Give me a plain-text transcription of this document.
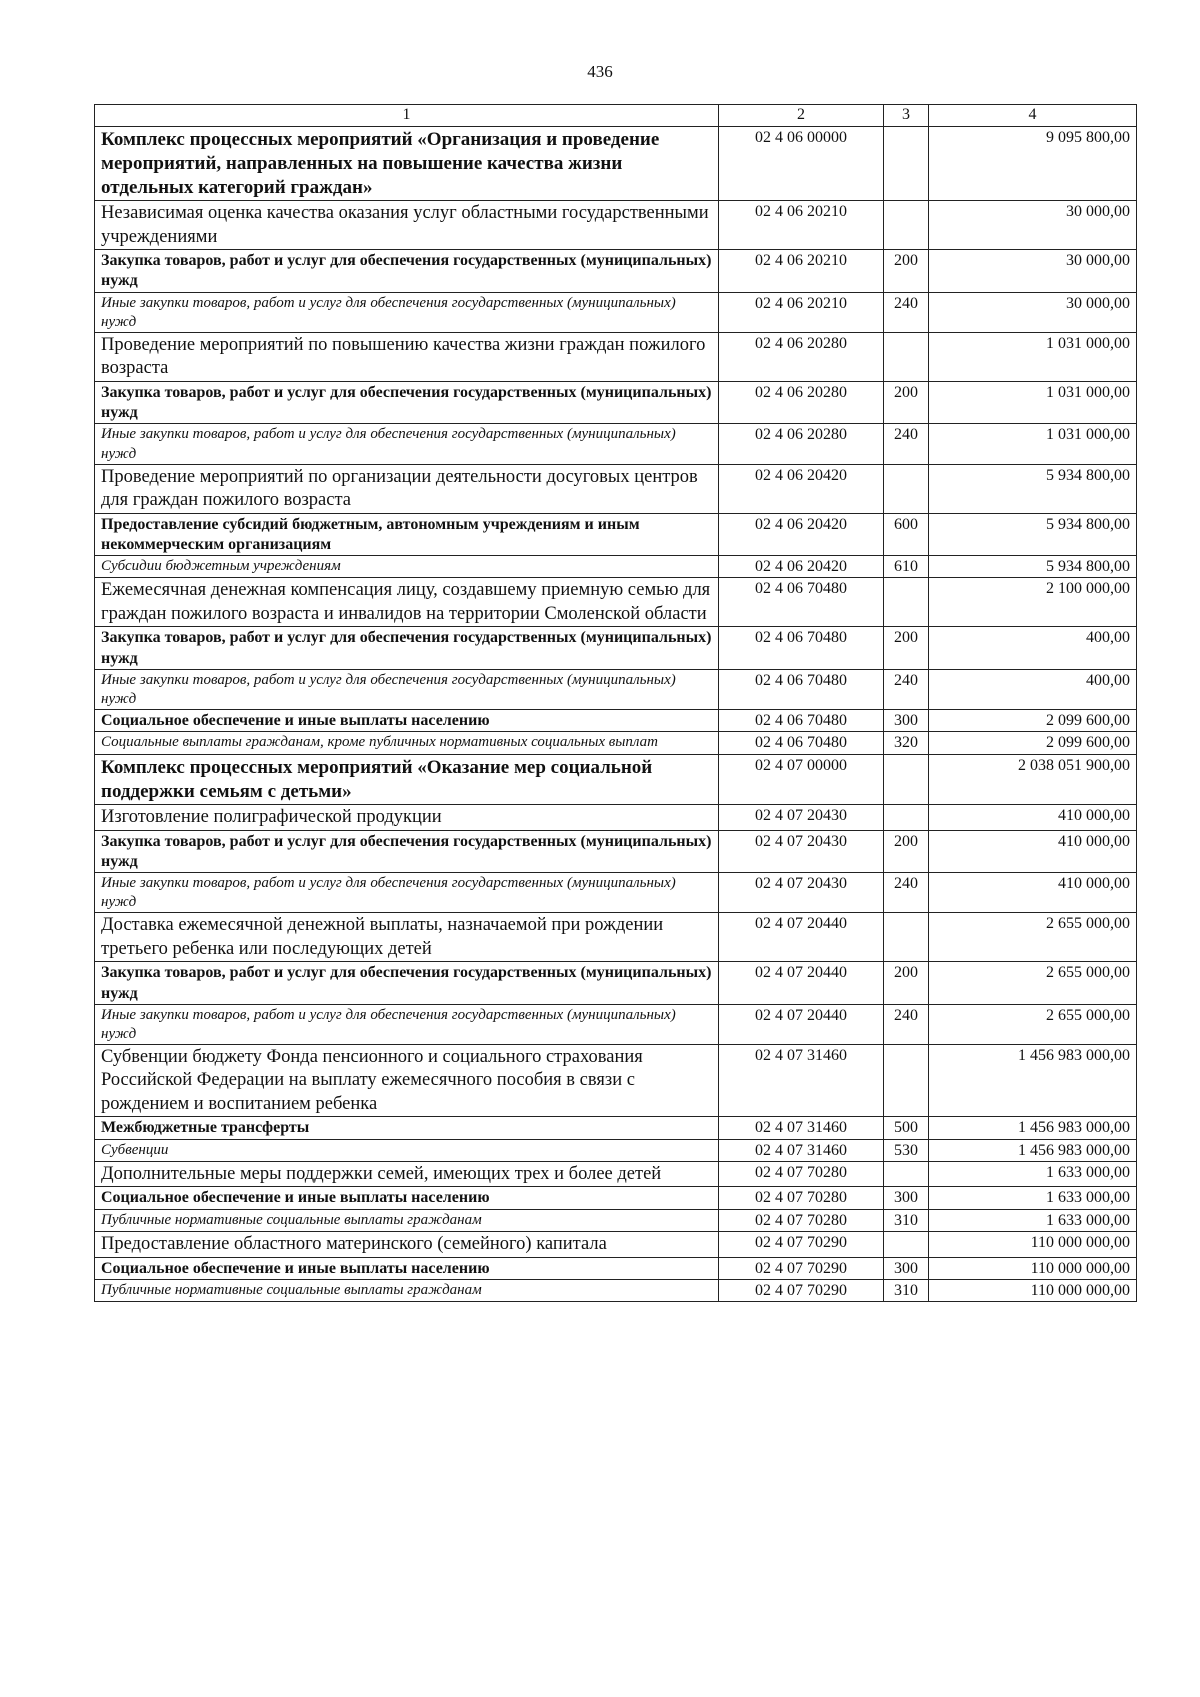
436
1	2	3	4
Комплекс процессных мероприятий «Организация и проведение мероприятий, направленных на повышение качества жизни отдельных категорий граждан»	02 4 06 00000		9 095 800,00
Независимая оценка качества оказания услуг областными государственными учреждениями	02 4 06 20210		30 000,00
Закупка товаров, работ и услуг для обеспечения государственных (муниципальных) нужд	02 4 06 20210	200	30 000,00
Иные закупки товаров, работ и услуг для обеспечения государственных (муниципальных) нужд	02 4 06 20210	240	30 000,00
Проведение мероприятий по повышению качества жизни граждан пожилого возраста	02 4 06 20280		1 031 000,00
Закупка товаров, работ и услуг для обеспечения государственных (муниципальных) нужд	02 4 06 20280	200	1 031 000,00
Иные закупки товаров, работ и услуг для обеспечения государственных (муниципальных) нужд	02 4 06 20280	240	1 031 000,00
Проведение мероприятий по организации деятельности досуговых центров для граждан пожилого возраста	02 4 06 20420		5 934 800,00
Предоставление субсидий бюджетным, автономным учреждениям и иным некоммерческим организациям	02 4 06 20420	600	5 934 800,00
Субсидии бюджетным учреждениям	02 4 06 20420	610	5 934 800,00
Ежемесячная денежная компенсация лицу, создавшему приемную семью для граждан пожилого возраста и инвалидов на территории Смоленской области	02 4 06 70480		2 100 000,00
Закупка товаров, работ и услуг для обеспечения государственных (муниципальных) нужд	02 4 06 70480	200	400,00
Иные закупки товаров, работ и услуг для обеспечения государственных (муниципальных) нужд	02 4 06 70480	240	400,00
Социальное обеспечение и иные выплаты населению	02 4 06 70480	300	2 099 600,00
Социальные выплаты гражданам, кроме публичных нормативных социальных выплат	02 4 06 70480	320	2 099 600,00
Комплекс процессных мероприятий «Оказание мер социальной поддержки семьям с детьми»	02 4 07 00000		2 038 051 900,00
Изготовление полиграфической продукции	02 4 07 20430		410 000,00
Закупка товаров, работ и услуг для обеспечения государственных (муниципальных) нужд	02 4 07 20430	200	410 000,00
Иные закупки товаров, работ и услуг для обеспечения государственных (муниципальных) нужд	02 4 07 20430	240	410 000,00
Доставка ежемесячной денежной выплаты, назначаемой при рождении третьего ребенка или последующих детей	02 4 07 20440		2 655 000,00
Закупка товаров, работ и услуг для обеспечения государственных (муниципальных) нужд	02 4 07 20440	200	2 655 000,00
Иные закупки товаров, работ и услуг для обеспечения государственных (муниципальных) нужд	02 4 07 20440	240	2 655 000,00
Субвенции бюджету Фонда пенсионного и социального страхования Российской Федерации на выплату ежемесячного пособия в связи с рождением и воспитанием ребенка	02 4 07 31460		1 456 983 000,00
Межбюджетные трансферты	02 4 07 31460	500	1 456 983 000,00
Субвенции	02 4 07 31460	530	1 456 983 000,00
Дополнительные меры поддержки семей, имеющих трех и более детей	02 4 07 70280		1 633 000,00
Социальное обеспечение и иные выплаты населению	02 4 07 70280	300	1 633 000,00
Публичные нормативные социальные выплаты гражданам	02 4 07 70280	310	1 633 000,00
Предоставление областного материнского (семейного) капитала	02 4 07 70290		110 000 000,00
Социальное обеспечение и иные выплаты населению	02 4 07 70290	300	110 000 000,00
Публичные нормативные социальные выплаты гражданам	02 4 07 70290	310	110 000 000,00
